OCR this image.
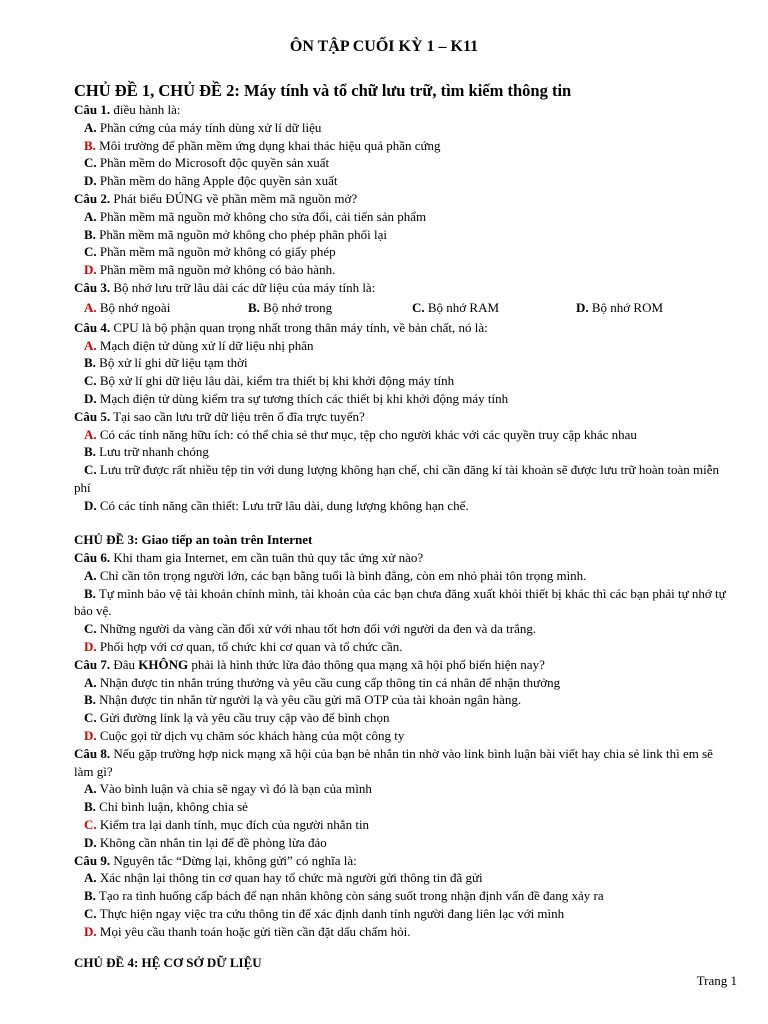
ÔN TẬP CUỐI KỲ 1 – K11
CHỦ ĐỀ 1, CHỦ ĐỀ 2: Máy tính và tổ chữ lưu trữ, tìm kiếm thông tin
Câu 1. điều hành là:
A. Phần cứng của máy tính dùng xử lí dữ liệu
B. Môi trường để phần mềm ứng dụng khai thác hiệu quả phần cứng
C. Phần mềm do Microsoft độc quyền sản xuất
D. Phần mềm do hãng Apple độc quyền sản xuất
Câu 2. Phát biểu ĐÚNG về phần mềm mã nguồn mở?
A. Phần mềm mã nguồn mở không cho sửa đổi, cải tiến sản phẩm
B. Phần mềm mã nguồn mở không cho phép phân phối lại
C. Phần mềm mã nguồn mở không có giấy phép
D. Phần mềm mã nguồn mở không có bảo hành.
Câu 3. Bộ nhớ lưu trữ lâu dài các dữ liệu của máy tính là:
A. Bộ nhớ ngoài	B. Bộ nhớ trong	C. Bộ nhớ RAM	D. Bộ nhớ ROM
Câu 4. CPU là bộ phận quan trọng nhất trong thân máy tính, về bản chất, nó là:
A. Mạch điện tử dùng xử lí dữ liệu nhị phân
B. Bộ xử lí ghi dữ liệu tạm thời
C. Bộ xử lí ghi dữ liệu lâu dài, kiểm tra thiết bị khi khởi động máy tính
D. Mạch điện tử dùng kiểm tra sự tương thích các thiết bị khi khởi động máy tính
Câu 5. Tại sao cần lưu trữ dữ liệu trên ổ đĩa trực tuyến?
A. Có các tính năng hữu ích: có thể chia sẻ thư mục, tệp cho người khác với các quyền truy cập khác nhau
B. Lưu trữ nhanh chóng
C. Lưu trữ được rất nhiều tệp tin với dung lượng không hạn chế, chỉ cần đăng kí tài khoản sẽ được lưu trữ hoàn toàn miễn phí
D. Có các tính năng cần thiết: Lưu trữ lâu dài, dung lượng không hạn chế.
CHỦ ĐỀ 3: Giao tiếp an toàn trên Internet
Câu 6. Khi tham gia Internet, em cần tuân thủ quy tắc ứng xử nào?
A. Chỉ cần tôn trọng người lớn, các bạn bằng tuổi là bình đẳng, còn em nhỏ phải tôn trọng mình.
B. Tự mình bảo vệ tài khoản chính mình, tài khoản của các bạn chưa đăng xuất khỏi thiết bị khác thì các bạn phải tự nhớ tự bảo vệ.
C. Những người da vàng cần đối xử với nhau tốt hơn đối với người da đen và da trắng.
D. Phối hợp với cơ quan, tổ chức khi cơ quan và tổ chức cần.
Câu 7. Đâu KHÔNG phải là hình thức lừa đảo thông qua mạng xã hội phổ biến hiện nay?
A. Nhận được tin nhắn trúng thưởng và yêu cầu cung cấp thông tin cá nhân để nhận thưởng
B. Nhận được tin nhắn từ người lạ và yêu cầu gửi mã OTP của tài khoản ngân hàng.
C. Gửi đường link lạ và yêu cầu truy cập vào để bình chọn
D. Cuộc gọi từ dịch vụ chăm sóc khách hàng của một công ty
Câu 8. Nếu gặp trường hợp nick mạng xã hội của bạn bè nhắn tin nhờ vào link bình luận bài viết hay chia sẻ link thì em sẽ làm gì?
A. Vào bình luận và chia sẽ ngay vì đó là bạn của mình
B. Chỉ bình luận, không chia sẻ
C. Kiểm tra lại danh tính, mục đích của người nhắn tin
D. Không cần nhắn tin lại để đề phòng lừa đảo
Câu 9. Nguyên tắc “Dừng lại, không gửi” có nghĩa là:
A. Xác nhận lại thông tin cơ quan hay tổ chức mà người gửi thông tin đã gửi
B. Tạo ra tình huống cấp bách để nạn nhân không còn sáng suốt trong nhận định vấn đề đang xảy ra
C. Thực hiện ngay việc tra cứu thông tin để xác định danh tính người đang liên lạc với mình
D. Mọi yêu cầu thanh toán hoặc gửi tiền cần đặt dấu chấm hỏi.
CHỦ ĐỀ 4: HỆ CƠ SỞ DỮ LIỆU
Trang 1
